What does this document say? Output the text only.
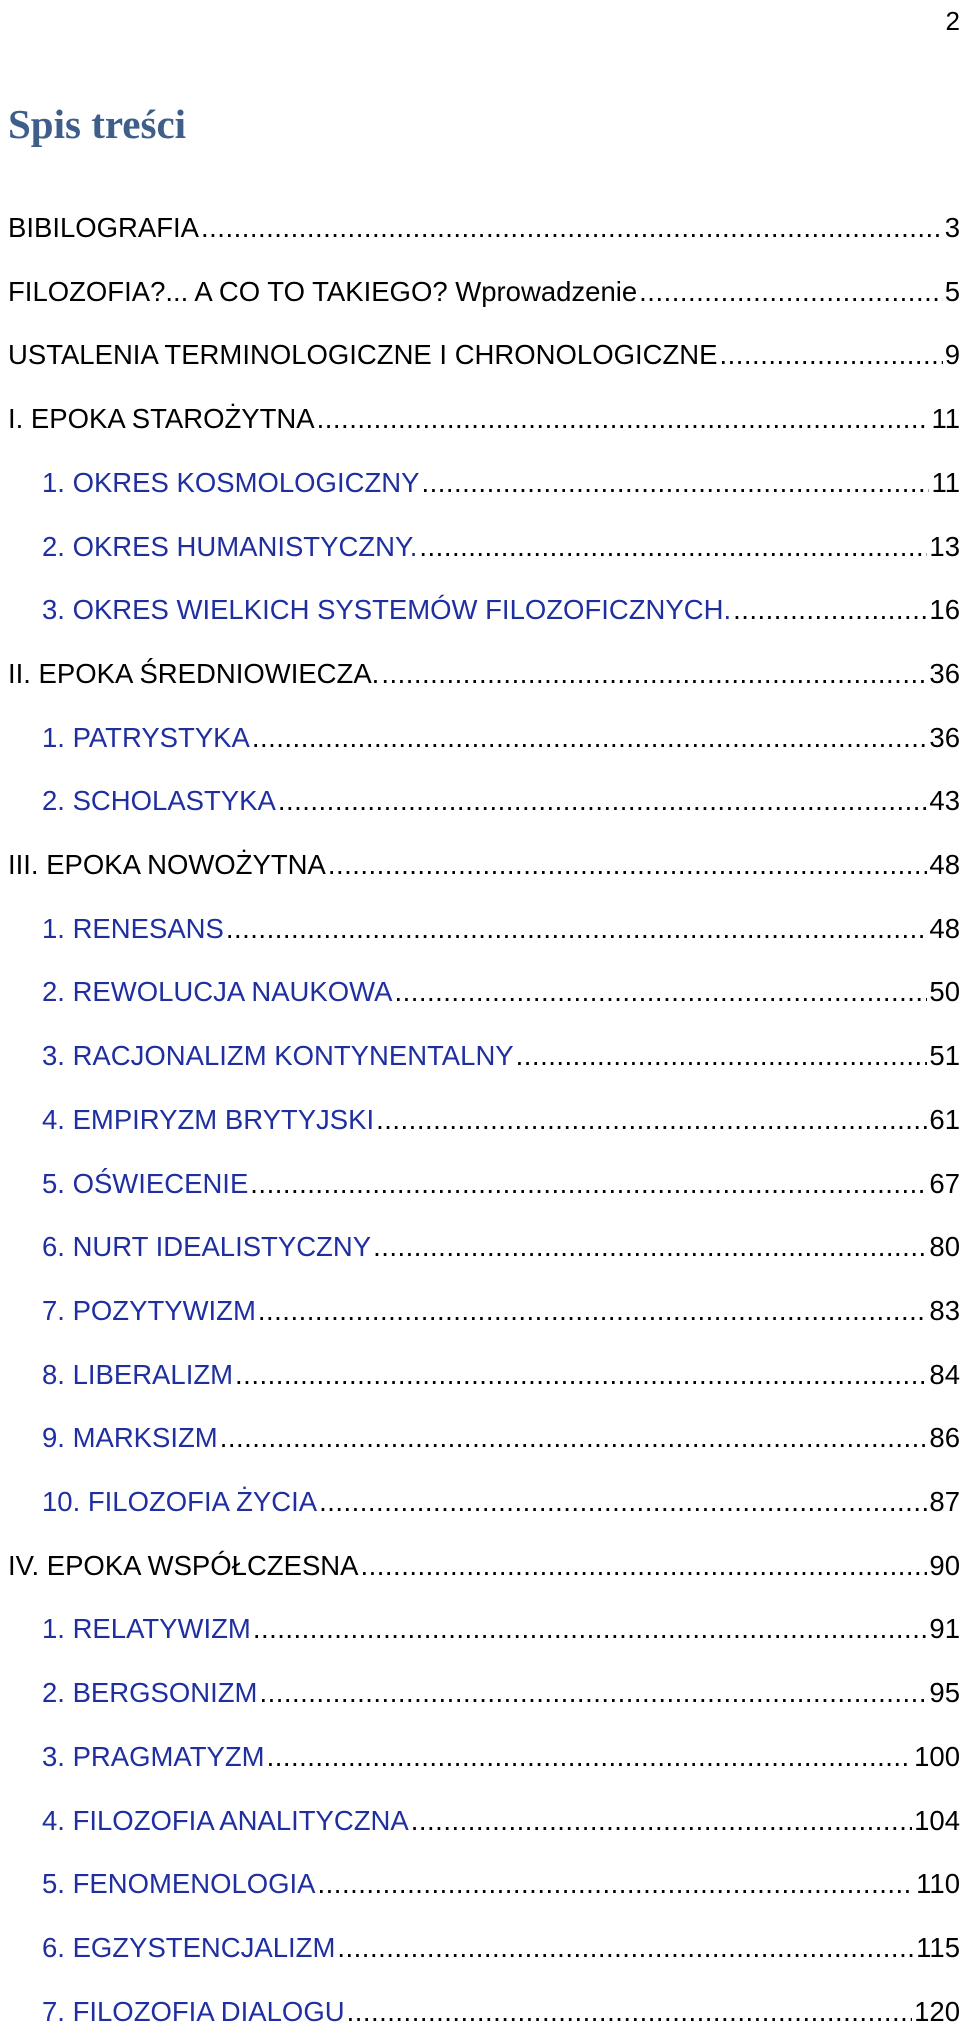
2
Spis treści
BIBILOGRAFIA .....	3
FILOZOFIA?... A CO TO TAKIEGO? Wprowadzenie .....	5
USTALENIA TERMINOLOGICZNE I CHRONOLOGICZNE .....	9
I. EPOKA STAROŻYTNA .....	11
1. OKRES KOSMOLOGICZNY .....	11
2. OKRES HUMANISTYCZNY. .....	13
3. OKRES WIELKICH SYSTEMÓW FILOZOFICZNYCH. .....	16
II. EPOKA ŚREDNIOWIECZA. .....	36
1. PATRYSTYKA .....	36
2. SCHOLASTYKA .....	43
III. EPOKA NOWOŻYTNA .....	48
1. RENESANS .....	48
2. REWOLUCJA NAUKOWA .....	50
3. RACJONALIZM KONTYNENTALNY .....	51
4. EMPIRYZM BRYTYJSKI .....	61
5. OŚWIECENIE .....	67
6. NURT IDEALISTYCZNY .....	80
7. POZYTYWIZM .....	83
8. LIBERALIZM .....	84
9. MARKSIZM .....	86
10. FILOZOFIA ŻYCIA .....	87
IV. EPOKA WSPÓŁCZESNA .....	90
1. RELATYWIZM .....	91
2. BERGSONIZM .....	95
3. PRAGMATYZM .....	100
4. FILOZOFIA ANALITYCZNA .....	104
5. FENOMENOLOGIA .....	110
6. EGZYSTENCJALIZM .....	115
7. FILOZOFIA DIALOGU .....	120
